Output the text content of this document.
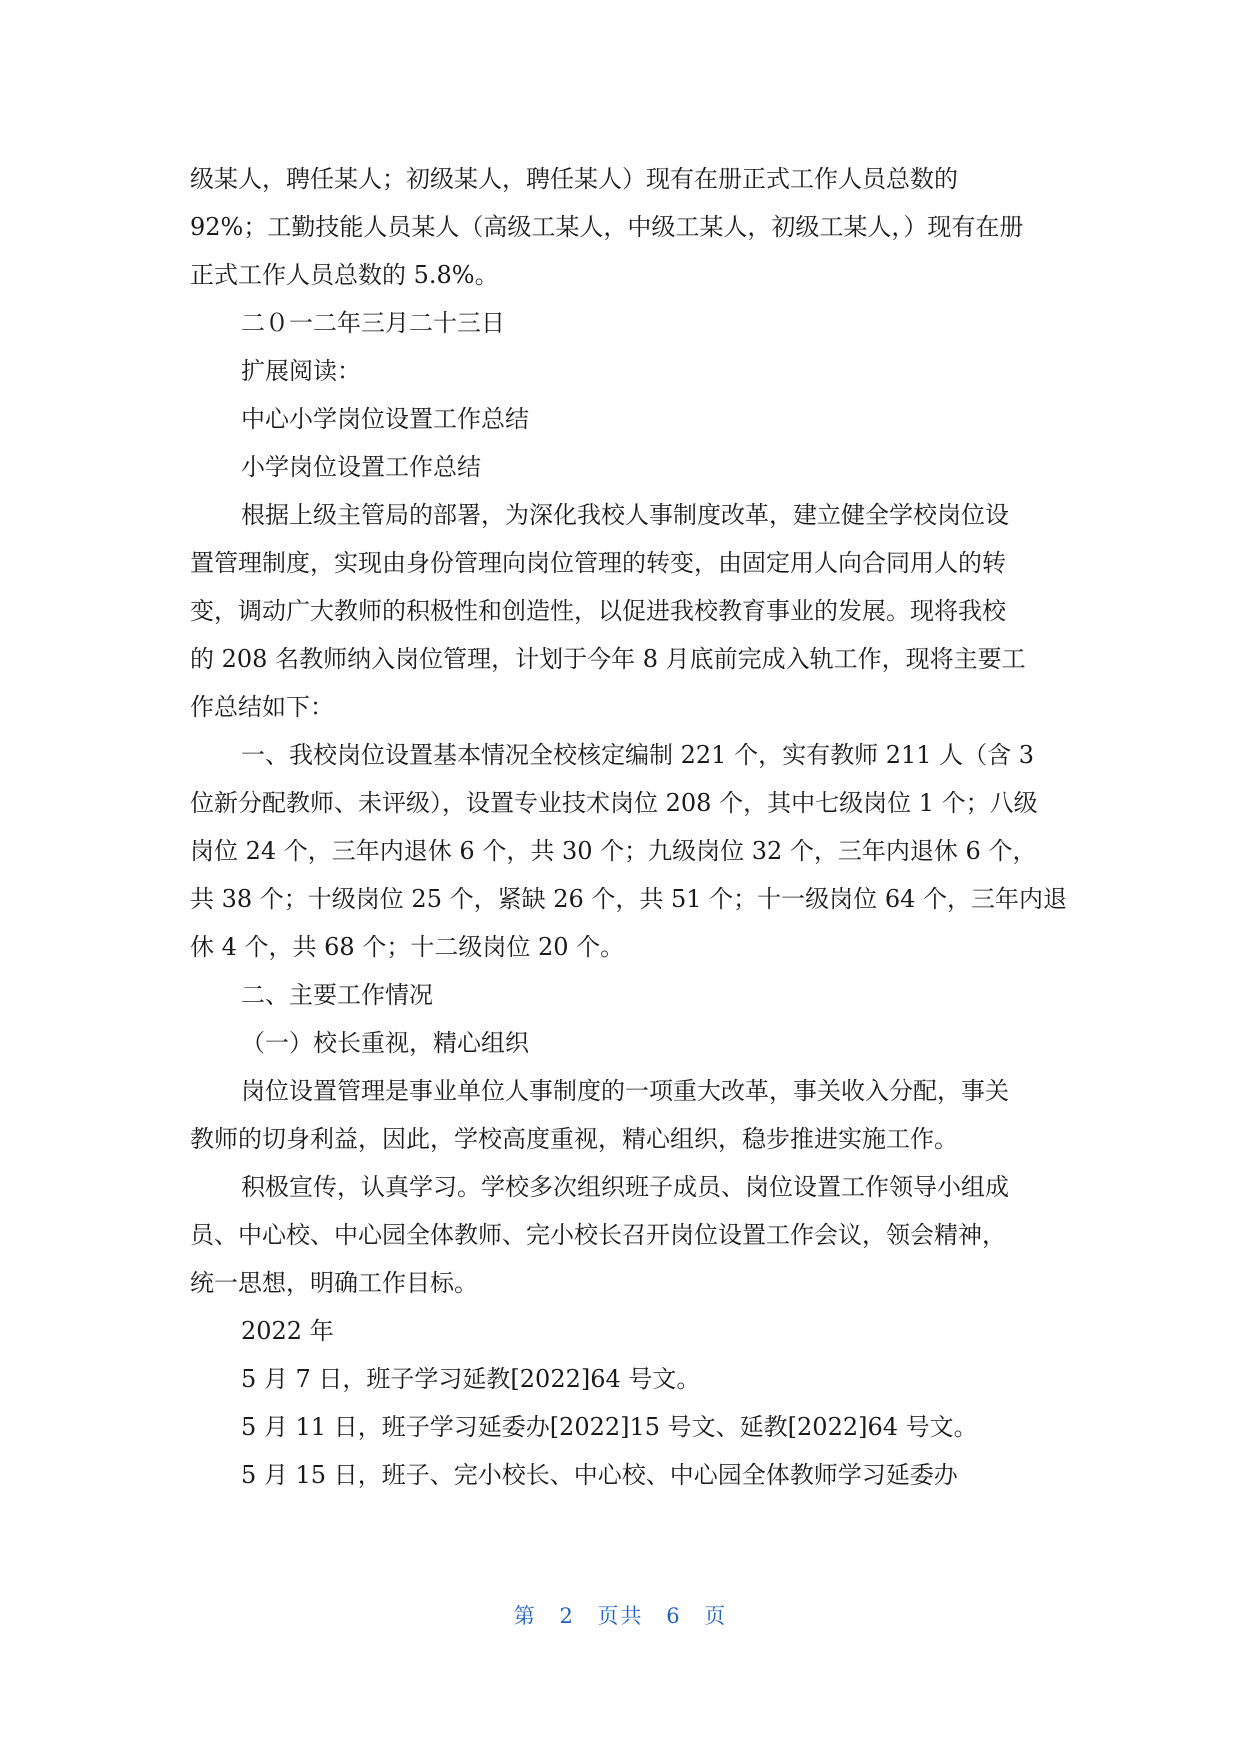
级某人，聘任某人；初级某人，聘任某人）现有在册正式工作人员总数的

92%；工勤技能人员某人（高级工某人，中级工某人，初级工某人，）现有在册

正式工作人员总数的 5.8%。

二０一二年三月二十三日

扩展阅读：

中心小学岗位设置工作总结

小学岗位设置工作总结

根据上级主管局的部署，为深化我校人事制度改革，建立健全学校岗位设

置管理制度，实现由身份管理向岗位管理的转变，由固定用人向合同用人的转

变，调动广大教师的积极性和创造性，以促进我校教育事业的发展。现将我校

的 208 名教师纳入岗位管理，计划于今年 8 月底前完成入轨工作，现将主要工

作总结如下：

一、我校岗位设置基本情况全校核定编制 221 个，实有教师 211 人（含 3

位新分配教师、未评级），设置专业技术岗位 208 个，其中七级岗位 1 个；八级

岗位 24 个，三年内退休 6 个，共 30 个；九级岗位 32 个，三年内退休 6 个，

共 38 个；十级岗位 25 个，紧缺 26 个，共 51 个；十一级岗位 64 个，三年内退

休 4 个，共 68 个；十二级岗位 20 个。

二、主要工作情况

（一）校长重视，精心组织

岗位设置管理是事业单位人事制度的一项重大改革，事关收入分配，事关

教师的切身利益，因此，学校高度重视，精心组织，稳步推进实施工作。

积极宣传，认真学习。学校多次组织班子成员、岗位设置工作领导小组成

员、中心校、中心园全体教师、完小校长召开岗位设置工作会议，领会精神，

统一思想，明确工作目标。

2022 年

5 月 7 日，班子学习延教[2022]64 号文。

5 月 11 日，班子学习延委办[2022]15 号文、延教[2022]64 号文。

5 月 15 日，班子、完小校长、中心校、中心园全体教师学习延委办

第 2 页共 6 页
